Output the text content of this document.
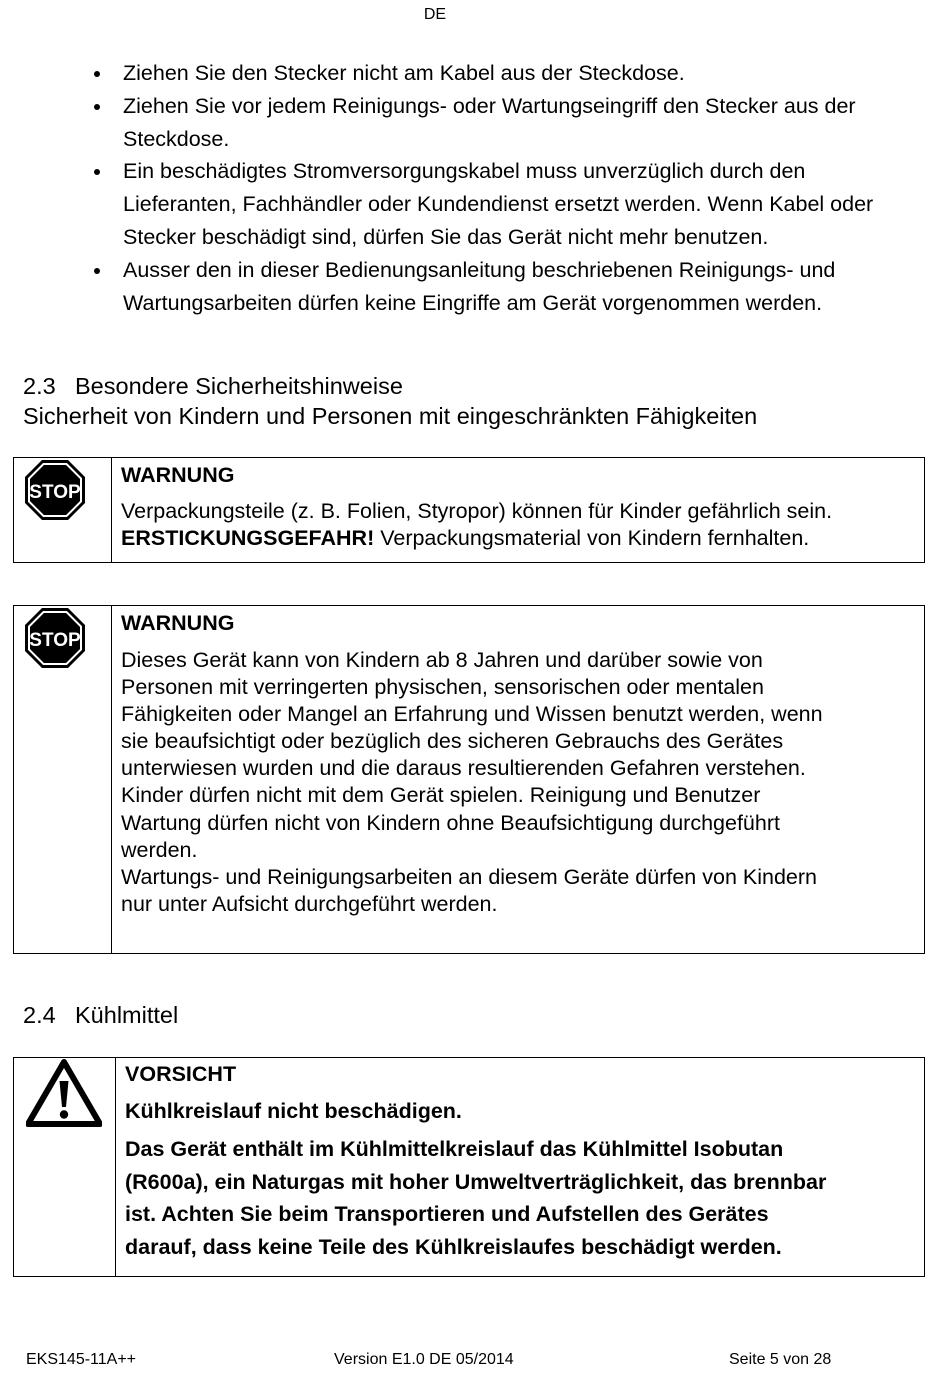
DE
Ziehen Sie den Stecker nicht am Kabel aus der Steckdose.
Ziehen Sie vor jedem Reinigungs- oder Wartungseingriff den Stecker aus der Steckdose.
Ein beschädigtes Stromversorgungskabel muss unverzüglich durch den Lieferanten, Fachhändler oder Kundendienst ersetzt werden. Wenn Kabel oder Stecker beschädigt sind, dürfen Sie das Gerät nicht mehr benutzen.
Ausser den in dieser Bedienungsanleitung beschriebenen Reinigungs- und Wartungsarbeiten dürfen keine Eingriffe am Gerät vorgenommen werden.
2.3 Besondere Sicherheitshinweise
Sicherheit von Kindern und Personen mit eingeschränkten Fähigkeiten
STOP
WARNUNG
Verpackungsteile (z. B. Folien, Styropor) können für Kinder gefährlich sein.
ERSTICKUNGSGEFAHR! Verpackungsmaterial von Kindern fernhalten.
STOP
WARNUNG
Dieses Gerät kann von Kindern ab 8 Jahren und darüber sowie von
Personen mit verringerten physischen, sensorischen oder mentalen
Fähigkeiten oder Mangel an Erfahrung und Wissen benutzt werden, wenn
sie beaufsichtigt oder bezüglich des sicheren Gebrauchs des Gerätes
unterwiesen wurden und die daraus resultierenden Gefahren verstehen.
Kinder dürfen nicht mit dem Gerät spielen. Reinigung und Benutzer
Wartung dürfen nicht von Kindern ohne Beaufsichtigung durchgeführt
werden.
Wartungs- und Reinigungsarbeiten an diesem Geräte dürfen von Kindern
nur unter Aufsicht durchgeführt werden.
2.4 Kühlmittel
VORSICHT
Kühlkreislauf nicht beschädigen.
Das Gerät enthält im Kühlmittelkreislauf das Kühlmittel Isobutan
(R600a), ein Naturgas mit hoher Umweltverträglichkeit, das brennbar
ist. Achten Sie beim Transportieren und Aufstellen des Gerätes
darauf, dass keine Teile des Kühlkreislaufes beschädigt werden.
EKS145-11A++	Version E1.0 DE 05/2014	Seite 5 von 28
